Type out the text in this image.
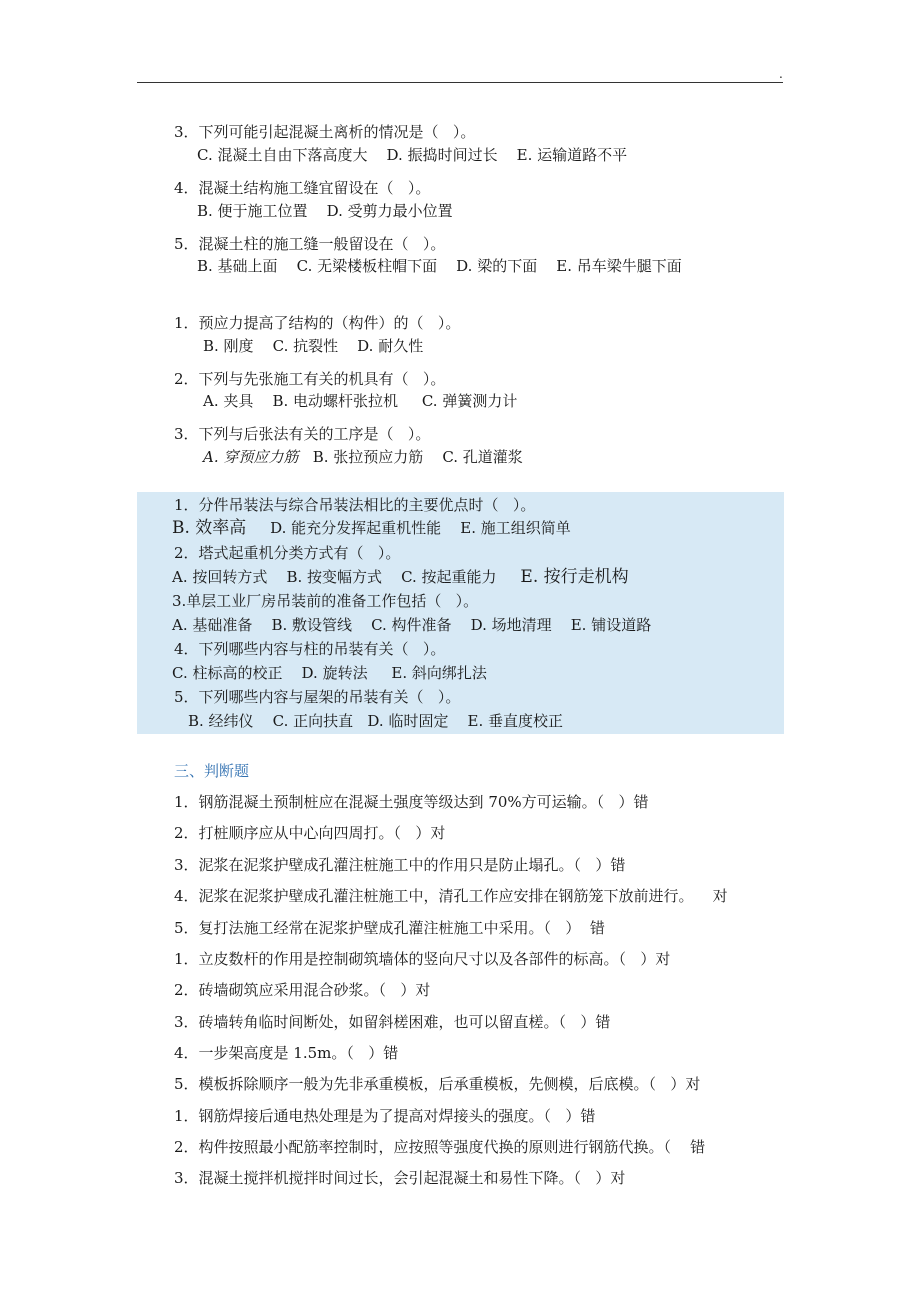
.
3．下列可能引起混凝土离析的情况是（   ）。
C. 混凝土自由下落高度大    D. 振捣时间过长    E. 运输道路不平
4．混凝土结构施工缝宜留设在（   ）。
B. 便于施工位置    D. 受剪力最小位置
5．混凝土柱的施工缝一般留设在（   ）。
B. 基础上面    C. 无梁楼板柱帽下面    D. 梁的下面    E. 吊车梁牛腿下面
1．预应力提高了结构的（构件）的（   ）。
B. 刚度    C. 抗裂性    D. 耐久性
2．下列与先张施工有关的机具有（   ）。
A. 夹具    B. 电动螺杆张拉机     C. 弹簧测力计
3．下列与后张法有关的工序是（   ）。
A. 穿预应力筋 B. 张拉预应力筋    C. 孔道灌浆
1．分件吊装法与综合吊装法相比的主要优点时（   ）。
B. 效率高 D. 能充分发挥起重机性能    E. 施工组织简单
2．塔式起重机分类方式有（   ）。
A. 按回转方式    B. 按变幅方式    C. 按起重能力 E. 按行走机构
3.单层工业厂房吊装前的准备工作包括（   ）。
A. 基础准备    B. 敷设管线    C. 构件准备    D. 场地清理    E. 铺设道路
4．下列哪些内容与柱的吊装有关（   ）。
C. 柱标高的校正    D. 旋转法     E. 斜向绑扎法
5．下列哪些内容与屋架的吊装有关（   ）。
B. 经纬仪    C. 正向扶直   D. 临时固定    E. 垂直度校正
三、判断题
1．钢筋混凝土预制桩应在混凝土强度等级达到 70%方可运输。（   ）错
2．打桩顺序应从中心向四周打。（   ）对
3．泥浆在泥浆护壁成孔灌注桩施工中的作用只是防止塌孔。（   ）错
4．泥浆在泥浆护壁成孔灌注桩施工中，清孔工作应安排在钢筋笼下放前进行。    对
5．复打法施工经常在泥浆护壁成孔灌注桩施工中采用。（   ）  错
1．立皮数杆的作用是控制砌筑墙体的竖向尺寸以及各部件的标高。（   ）对
2．砖墙砌筑应采用混合砂浆。（   ）对
3．砖墙转角临时间断处，如留斜槎困难，也可以留直槎。（   ）错
4．一步架高度是 1.5m。（   ）错
5．模板拆除顺序一般为先非承重模板，后承重模板，先侧模，后底模。（   ）对
1．钢筋焊接后通电热处理是为了提高对焊接头的强度。（   ）错
2．构件按照最小配筋率控制时，应按照等强度代换的原则进行钢筋代换。（    错
3．混凝土搅拌机搅拌时间过长，会引起混凝土和易性下降。（   ）对
